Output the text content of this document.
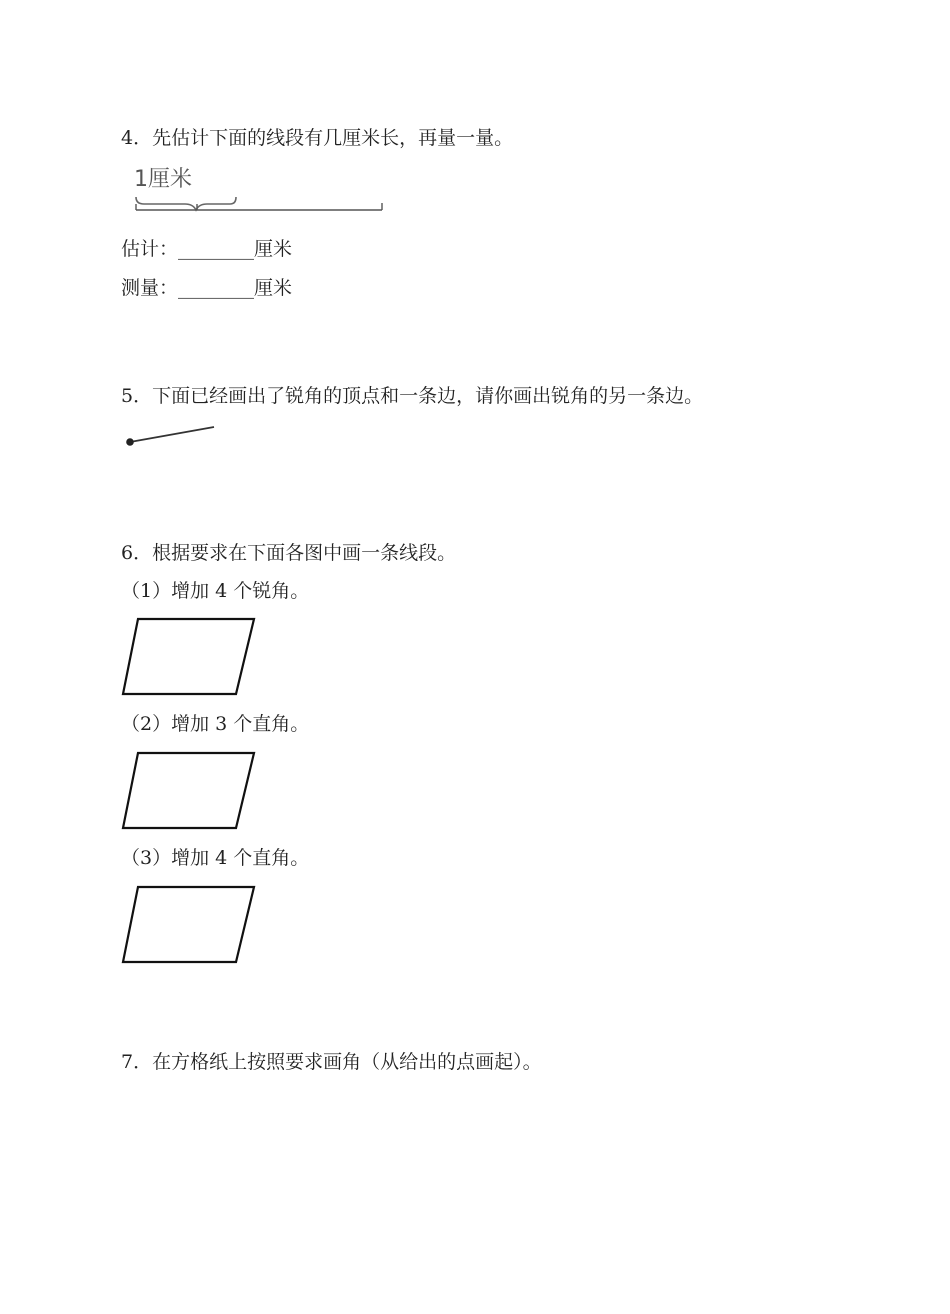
4．先估计下面的线段有几厘米长，再量一量。
1厘米
估计：________厘米
测量：________厘米
5．下面已经画出了锐角的顶点和一条边，请你画出锐角的另一条边。
6．根据要求在下面各图中画一条线段。
（1）增加 4 个锐角。
（2）增加 3 个直角。
（3）增加 4 个直角。
7．在方格纸上按照要求画角（从给出的点画起）。
